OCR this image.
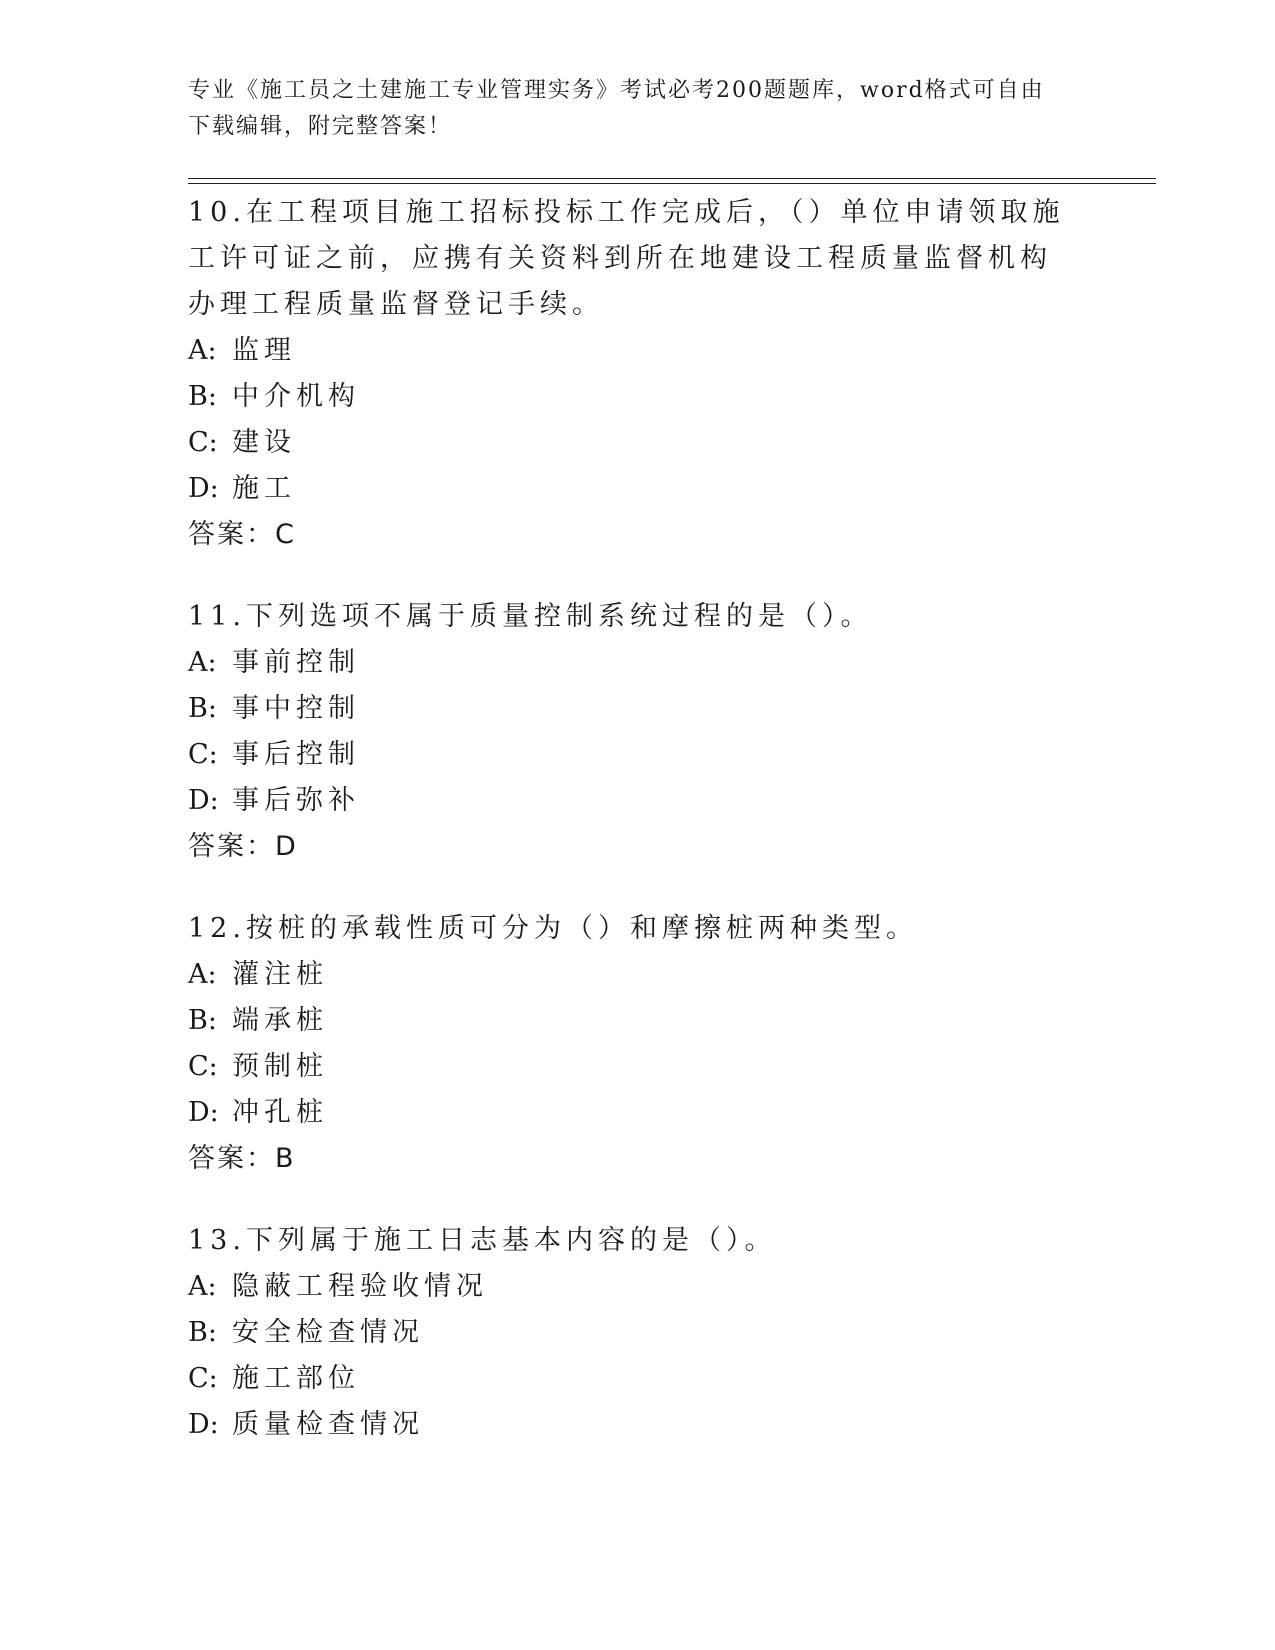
专业《施工员之土建施工专业管理实务》考试必考200题题库，word格式可自由下载编辑，附完整答案！
10.在工程项目施工招标投标工作完成后，（）单位申请领取施工许可证之前，应携有关资料到所在地建设工程质量监督机构办理工程质量监督登记手续。
A: 监理
B: 中介机构
C: 建设
D: 施工
答案：C
11.下列选项不属于质量控制系统过程的是（）。
A: 事前控制
B: 事中控制
C: 事后控制
D: 事后弥补
答案：D
12.按桩的承载性质可分为（）和摩擦桩两种类型。
A: 灌注桩
B: 端承桩
C: 预制桩
D: 冲孔桩
答案：B
13.下列属于施工日志基本内容的是（）。
A: 隐蔽工程验收情况
B: 安全检查情况
C: 施工部位
D: 质量检查情况
